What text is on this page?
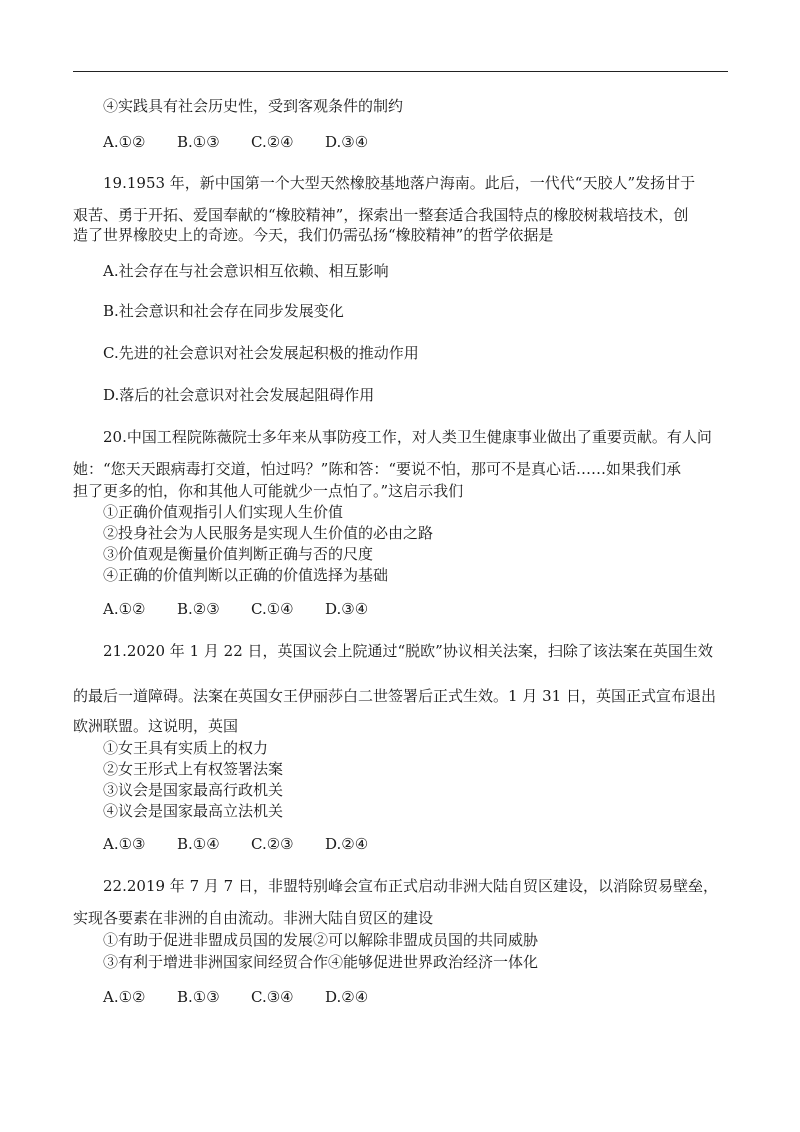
④实践具有社会历史性，受到客观条件的制约
A.①② B.①③ C.②④ D.③④
19.1953 年，新中国第一个大型天然橡胶基地落户海南。此后，一代代“天胶人”发扬甘于
艰苦、勇于开拓、爱国奉献的“橡胶精神”，探索出一整套适合我国特点的橡胶树栽培技术，创
造了世界橡胶史上的奇迹。今天，我们仍需弘扬“橡胶精神”的哲学依据是
A.社会存在与社会意识相互依赖、相互影响
B.社会意识和社会存在同步发展变化
C.先进的社会意识对社会发展起积极的推动作用
D.落后的社会意识对社会发展起阻碍作用
20.中国工程院陈薇院士多年来从事防疫工作，对人类卫生健康事业做出了重要贡献。有人问
她：“您天天跟病毒打交道，怕过吗？”陈和答：“要说不怕，那可不是真心话……如果我们承
担了更多的怕，你和其他人可能就少一点怕了。”这启示我们
①正确价值观指引人们实现人生价值
②投身社会为人民服务是实现人生价值的必由之路
③价值观是衡量价值判断正确与否的尺度
④正确的价值判断以正确的价值选择为基础
A.①② B.②③ C.①④ D.③④
21.2020 年 1 月 22 日，英国议会上院通过“脱欧”协议相关法案，扫除了该法案在英国生效
的最后一道障碍。法案在英国女王伊丽莎白二世签署后正式生效。1 月 31 日，英国正式宣布退出
欧洲联盟。这说明，英国
①女王具有实质上的权力
②女王形式上有权签署法案
③议会是国家最高行政机关
④议会是国家最高立法机关
A.①③ B.①④ C.②③ D.②④
22.2019 年 7 月 7 日，非盟特别峰会宣布正式启动非洲大陆自贸区建设，以消除贸易壁垒，
实现各要素在非洲的自由流动。非洲大陆自贸区的建设
①有助于促进非盟成员国的发展②可以解除非盟成员国的共同威胁
③有利于增进非洲国家间经贸合作④能够促进世界政治经济一体化
A.①② B.①③ C.③④ D.②④
